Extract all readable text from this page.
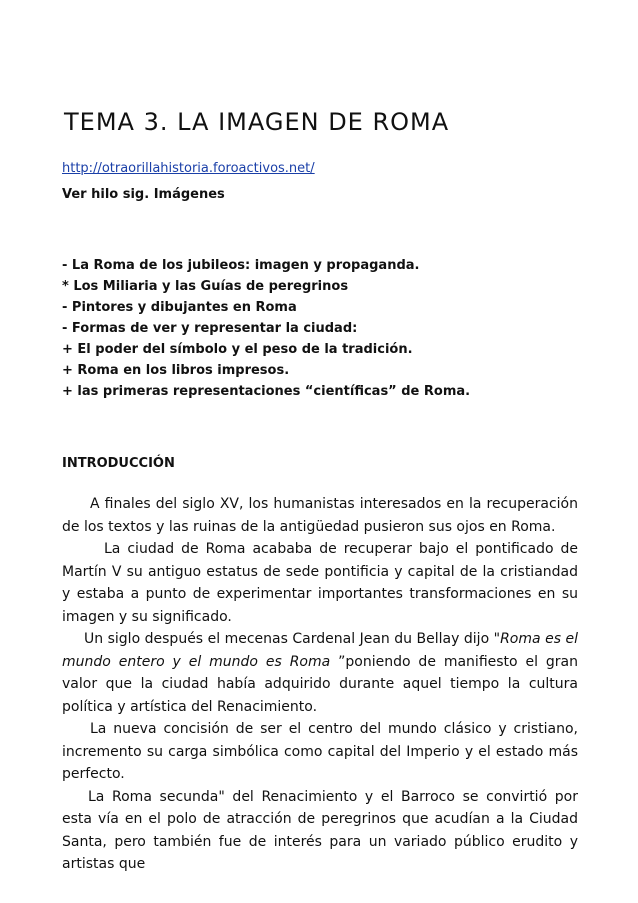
TEMA 3. LA IMAGEN DE ROMA
http://otraorillahistoria.foroactivos.net/
Ver hilo sig. Imágenes
- La Roma de los jubileos: imagen y propaganda.
* Los Miliaria y las Guías de peregrinos
- Pintores y dibujantes en Roma
- Formas de ver y representar la ciudad:
+ El poder del símbolo y el peso de la tradición.
+ Roma en los libros impresos.
+ las primeras representaciones “científicas” de Roma.
INTRODUCCIÓN

A finales del siglo XV, los humanistas interesados en la recuperación de los textos y las ruinas de la antigüedad pusieron sus ojos en Roma.

La ciudad de Roma acababa de recuperar bajo el pontificado de Martín V su antiguo estatus de sede pontificia y capital de la cristiandad y estaba a punto de experimentar importantes transformaciones en su imagen y su significado.

Un siglo después el mecenas Cardenal Jean du Bellay dijo "Roma es el mundo entero y el mundo es Roma ”poniendo de manifiesto el gran valor que la ciudad había adquirido durante aquel tiempo la cultura política y artística del Renacimiento.

La nueva concisión de ser el centro del mundo clásico y cristiano, incremento su carga simbólica como capital del Imperio y el estado más perfecto.

La Roma secunda" del Renacimiento y el Barroco se convirtió por esta vía en el polo de atracción de peregrinos que acudían a la Ciudad Santa, pero también fue de interés para un variado público erudito y artistas que
